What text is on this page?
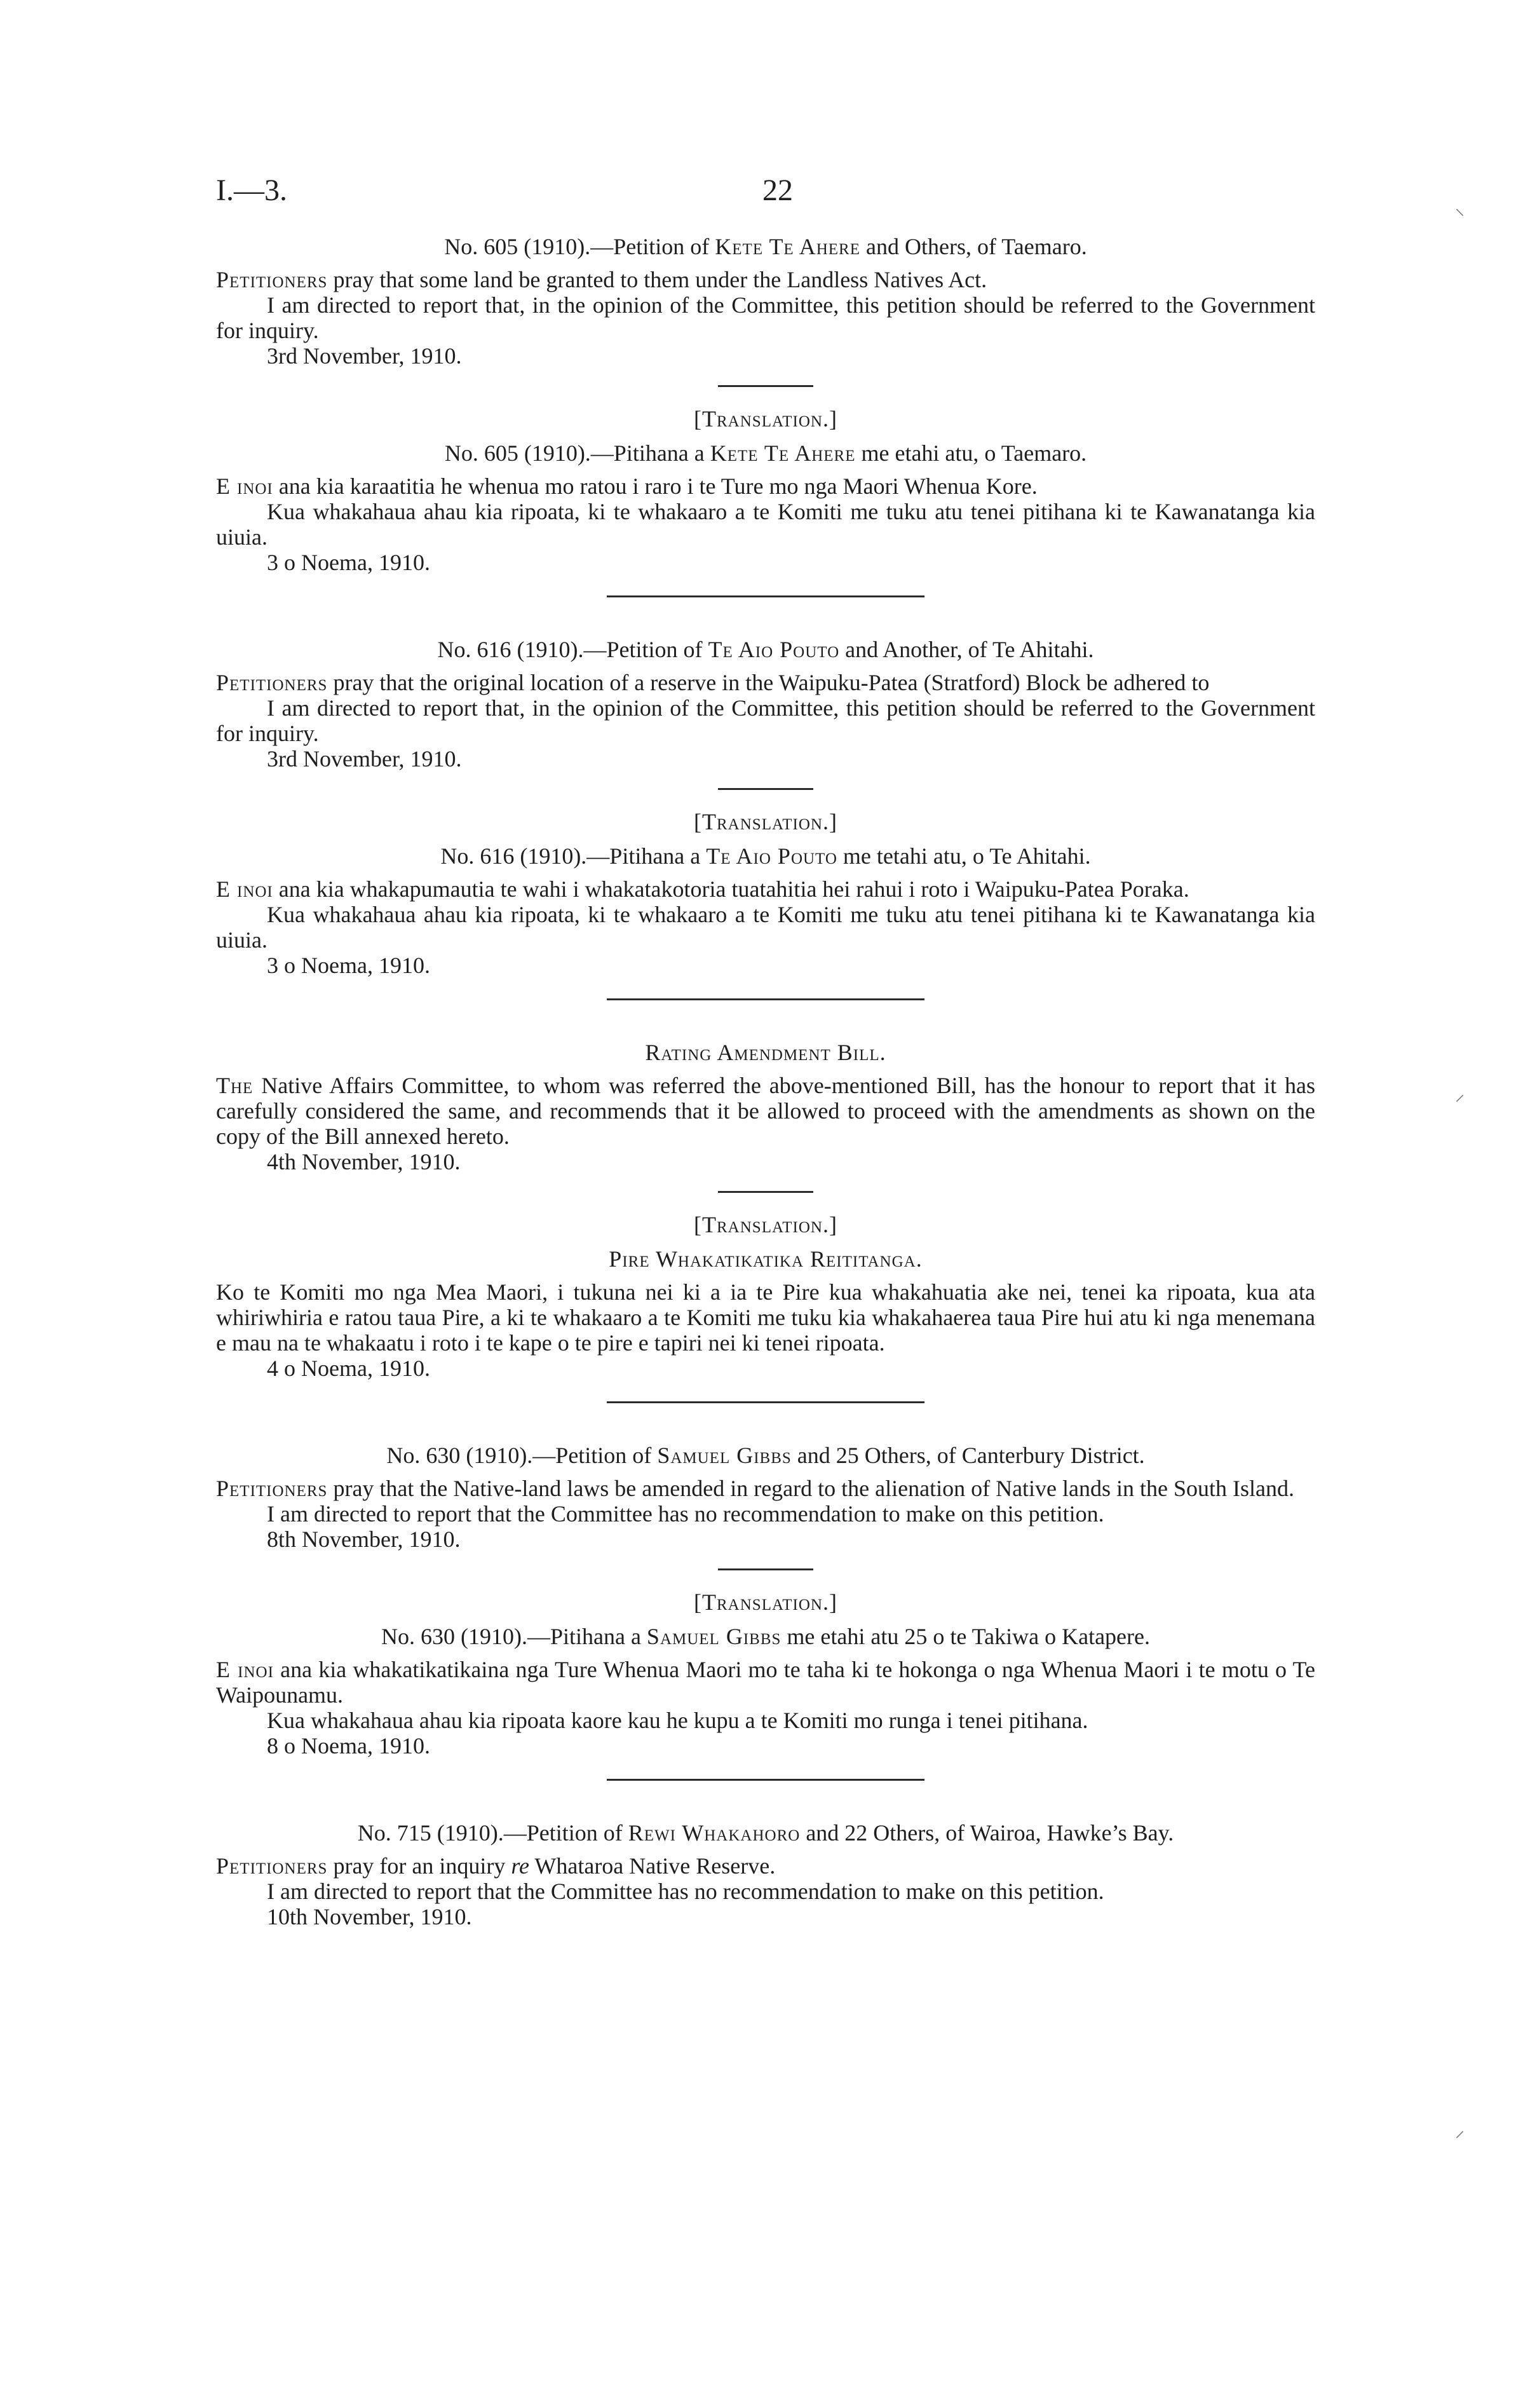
I.—3.	22

No. 605 (1910).—Petition of Kete Te Ahere and Others, of Taemaro.

Petitioners pray that some land be granted to them under the Landless Natives Act.

I am directed to report that, in the opinion of the Committee, this petition should be referred to the Government for inquiry.

3rd November, 1910.

[Translation.]

No. 605 (1910).—Pitihana a Kete Te Ahere me etahi atu, o Taemaro.

E inoi ana kia karaatitia he whenua mo ratou i raro i te Ture mo nga Maori Whenua Kore.

Kua whakahaua ahau kia ripoata, ki te whakaaro a te Komiti me tuku atu tenei pitihana ki te Kawanatanga kia uiuia.

3 o Noema, 1910.

No. 616 (1910).—Petition of Te Aio Pouto and Another, of Te Ahitahi.

Petitioners pray that the original location of a reserve in the Waipuku-Patea (Stratford) Block be adhered to

I am directed to report that, in the opinion of the Committee, this petition should be referred to the Government for inquiry.

3rd November, 1910.

[Translation.]

No. 616 (1910).—Pitihana a Te Aio Pouto me tetahi atu, o Te Ahitahi.

E inoi ana kia whakapumautia te wahi i whakatakotoria tuatahitia hei rahui i roto i Waipuku-Patea Poraka.

Kua whakahaua ahau kia ripoata, ki te whakaaro a te Komiti me tuku atu tenei pitihana ki te Kawanatanga kia uiuia.

3 o Noema, 1910.

Rating Amendment Bill.

The Native Affairs Committee, to whom was referred the above-mentioned Bill, has the honour to report that it has carefully considered the same, and recommends that it be allowed to proceed with the amendments as shown on the copy of the Bill annexed hereto.

4th November, 1910.

[Translation.]

Pire Whakatikatika Reititanga.

Ko te Komiti mo nga Mea Maori, i tukuna nei ki a ia te Pire kua whakahuatia ake nei, tenei ka ripoata, kua ata whiriwhiria e ratou taua Pire, a ki te whakaaro a te Komiti me tuku kia whakahaerea taua Pire hui atu ki nga menemana e mau na te whakaatu i roto i te kape o te pire e tapiri nei ki tenei ripoata.

4 o Noema, 1910.

No. 630 (1910).—Petition of Samuel Gibbs and 25 Others, of Canterbury District.

Petitioners pray that the Native-land laws be amended in regard to the alienation of Native lands in the South Island.

I am directed to report that the Committee has no recommendation to make on this petition.

8th November, 1910.

[Translation.]

No. 630 (1910).—Pitihana a Samuel Gibbs me etahi atu 25 o te Takiwa o Katapere.

E inoi ana kia whakatikatikaina nga Ture Whenua Maori mo te taha ki te hokonga o nga Whenua Maori i te motu o Te Waipounamu.

Kua whakahaua ahau kia ripoata kaore kau he kupu a te Komiti mo runga i tenei pitihana.

8 o Noema, 1910.

No. 715 (1910).—Petition of Rewi Whakahoro and 22 Others, of Wairoa, Hawke’s Bay.

Petitioners pray for an inquiry re Whataroa Native Reserve.

I am directed to report that the Committee has no recommendation to make on this petition.

10th November, 1910.

⸌
⸍
⸝
